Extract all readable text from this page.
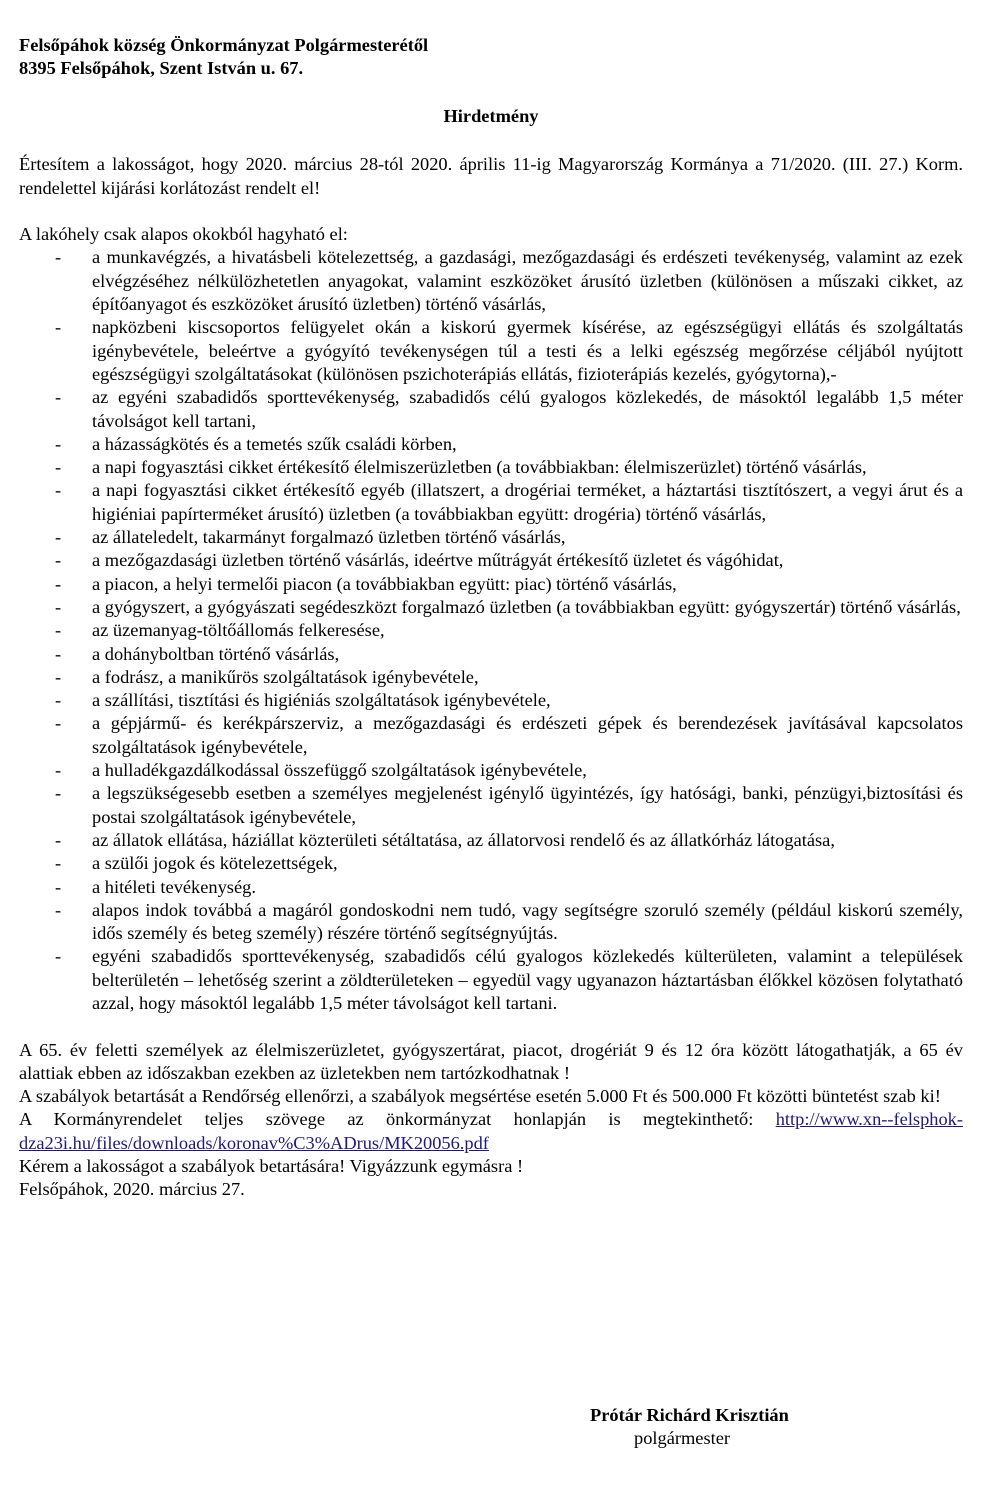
Felsőpáhok község Önkormányzat Polgármesterétől
8395 Felsőpáhok, Szent István u. 67.
Hirdetmény
Értesítem a lakosságot, hogy 2020. március 28-tól 2020. április 11-ig Magyarország Kormánya a 71/2020. (III. 27.) Korm. rendelettel kijárási korlátozást rendelt el!
A lakóhely csak alapos okokból hagyható el:
- a munkavégzés, a hivatásbeli kötelezettség, a gazdasági, mezőgazdasági és erdészeti tevékenység, valamint az ezek elvégzéséhez nélkülözhetetlen anyagokat, valamint eszközöket árusító üzletben (különösen a műszaki cikket, az építőanyagot és eszközöket árusító üzletben) történő vásárlás,
- napközbeni kiscsoportos felügyelet okán a kiskorú gyermek kísérése, az egészségügyi ellátás és szolgáltatás igénybevétele, beleértve a gyógyító tevékenységen túl a testi és a lelki egészség megőrzése céljából nyújtott egészségügyi szolgáltatásokat (különösen pszichoterápiás ellátás, fizioterápiás kezelés, gyógytorna),-
- az egyéni szabadidős sporttevékenység, szabadidős célú gyalogos közlekedés, de másoktól legalább 1,5 méter távolságot kell tartani,
- a házasságkötés és a temetés szűk családi körben,
- a napi fogyasztási cikket értékesítő élelmiszerüzletben (a továbbiakban: élelmiszerüzlet) történő vásárlás,
- a napi fogyasztási cikket értékesítő egyéb (illatszert, a drogériai terméket, a háztartási tisztítószert, a vegyi árut és a higiéniai papírterméket árusító) üzletben (a továbbiakban együtt: drogéria) történő vásárlás,
- az állateledelt, takarmányt forgalmazó üzletben történő vásárlás,
- a mezőgazdasági üzletben történő vásárlás, ideértve műtrágyát értékesítő üzletet és vágóhidat,
- a piacon, a helyi termelői piacon (a továbbiakban együtt: piac) történő vásárlás,
- a gyógyszert, a gyógyászati segédeszközt forgalmazó üzletben (a továbbiakban együtt: gyógyszertár) történő vásárlás,
- az üzemanyag-töltőállomás felkeresése,
- a dohányboltban történő vásárlás,
- a fodrász, a manikűrös szolgáltatások igénybevétele,
- a szállítási, tisztítási és higiéniás szolgáltatások igénybevétele,
- a gépjármű- és kerékpárszerviz, a mezőgazdasági és erdészeti gépek és berendezések javításával kapcsolatos szolgáltatások igénybevétele,
- a hulladékgazdálkodással összefüggő szolgáltatások igénybevétele,
- a legszükségesebb esetben a személyes megjelenést igénylő ügyintézés, így hatósági, banki, pénzügyi,biztosítási és postai szolgáltatások igénybevétele,
- az állatok ellátása, háziállat közterületi sétáltatása, az állatorvosi rendelő és az állatkórház látogatása,
- a szülői jogok és kötelezettségek,
- a hitéleti tevékenység.
- alapos indok továbbá a magáról gondoskodni nem tudó, vagy segítségre szoruló személy (például kiskorú személy, idős személy és beteg személy) részére történő segítségnyújtás.
- egyéni szabadidős sporttevékenység, szabadidős célú gyalogos közlekedés külterületen, valamint a települések belterületén – lehetőség szerint a zöldterületeken – egyedül vagy ugyanazon háztartásban élőkkel közösen folytatható azzal, hogy másoktól legalább 1,5 méter távolságot kell tartani.
A 65. év feletti személyek az élelmiszerüzletet, gyógyszertárat, piacot, drogériát 9 és 12 óra között látogathatják, a 65 év alattiak ebben az időszakban ezekben az üzletekben nem tartózkodhatnak !
A szabályok betartását a Rendőrség ellenőrzi, a szabályok megsértése esetén 5.000 Ft és 500.000 Ft közötti büntetést szab ki!
A Kormányrendelet teljes szövege az önkormányzat honlapján is megtekinthető: http://www.xn--felsphok-dza23i.hu/files/downloads/koronav%C3%ADrus/MK20056.pdf
Kérem a lakosságot a szabályok betartására! Vigyázzunk egymásra !
Felsőpáhok, 2020. március 27.
Prótár Richárd Krisztián
polgármester
